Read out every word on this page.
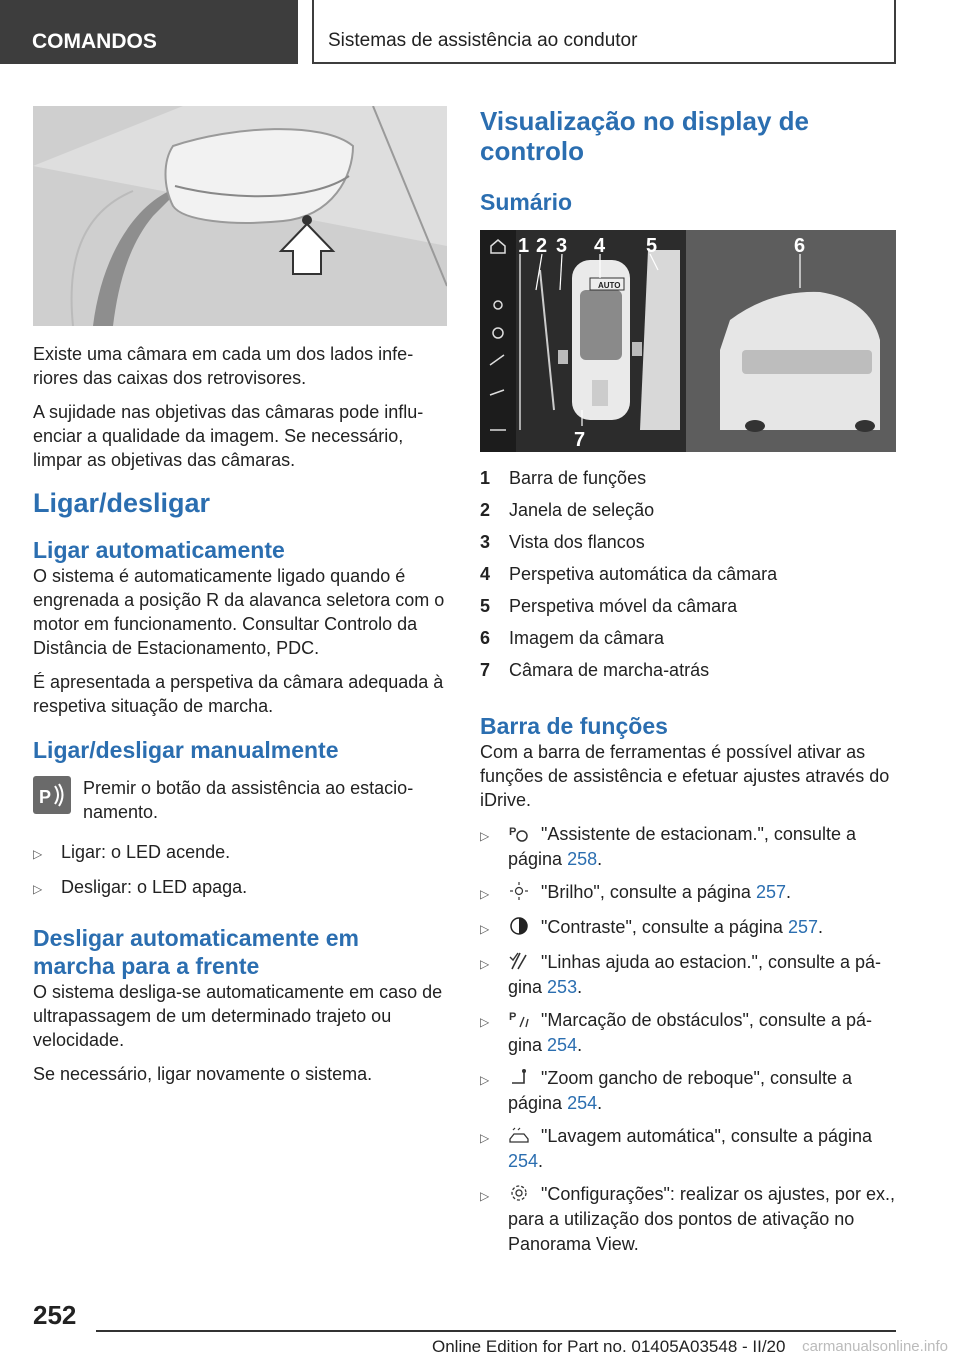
COMANDOS	Sistemas de assistência ao condutor

Existe uma câmara em cada um dos lados inferiores das caixas dos retrovisores.

A sujidade nas objetivas das câmaras pode influenciar a qualidade da imagem. Se necessário, limpar as objetivas das câmaras.

Ligar/desligar
Ligar automaticamente

O sistema é automaticamente ligado quando é engrenada a posição R da alavanca seletora com o motor em funcionamento. Consultar Controlo da Distância de Estacionamento, PDC.

É apresentada a perspetiva da câmara adequada à respetiva situação de marcha.

Ligar/desligar manualmente
P Premir o botão da assistência ao estacionamento.
▷	Ligar: o LED acende.
▷	Desligar: o LED apaga.
Desligar automaticamente em marcha para a frente

O sistema desliga-se automaticamente em caso de ultrapassagem de um determinado trajeto ou velocidade.

Se necessário, ligar novamente o sistema.

Visualização no display de controlo
Sumário
AUTO
1 2 3 4 5	6
7
1	Barra de funções
2	Janela de seleção
3	Vista dos flancos
4	Perspetiva automática da câmara
5	Perspetiva móvel da câmara
6	Imagem da câmara
7	Câmara de marcha-atrás
Barra de funções

Com a barra de ferramentas é possível ativar as funções de assistência e efetuar ajustes através do iDrive.

▷	P "Assistente de estacionam.", consulte a página 258.
▷	"Brilho", consulte a página 257.
▷	"Contraste", consulte a página 257.
▷	"Linhas ajuda ao estacion.", consulte a página 253.
▷	P "Marcação de obstáculos", consulte a página 254.
▷	"Zoom gancho de reboque", consulte a página 254.
▷	"Lavagem automática", consulte a página 254.
▷	"Configurações": realizar os ajustes, por ex., para a utilização dos pontos de ativação no Panorama View.
252
Online Edition for Part no. 01405A03548 - II/20 carmanualsonline.info
